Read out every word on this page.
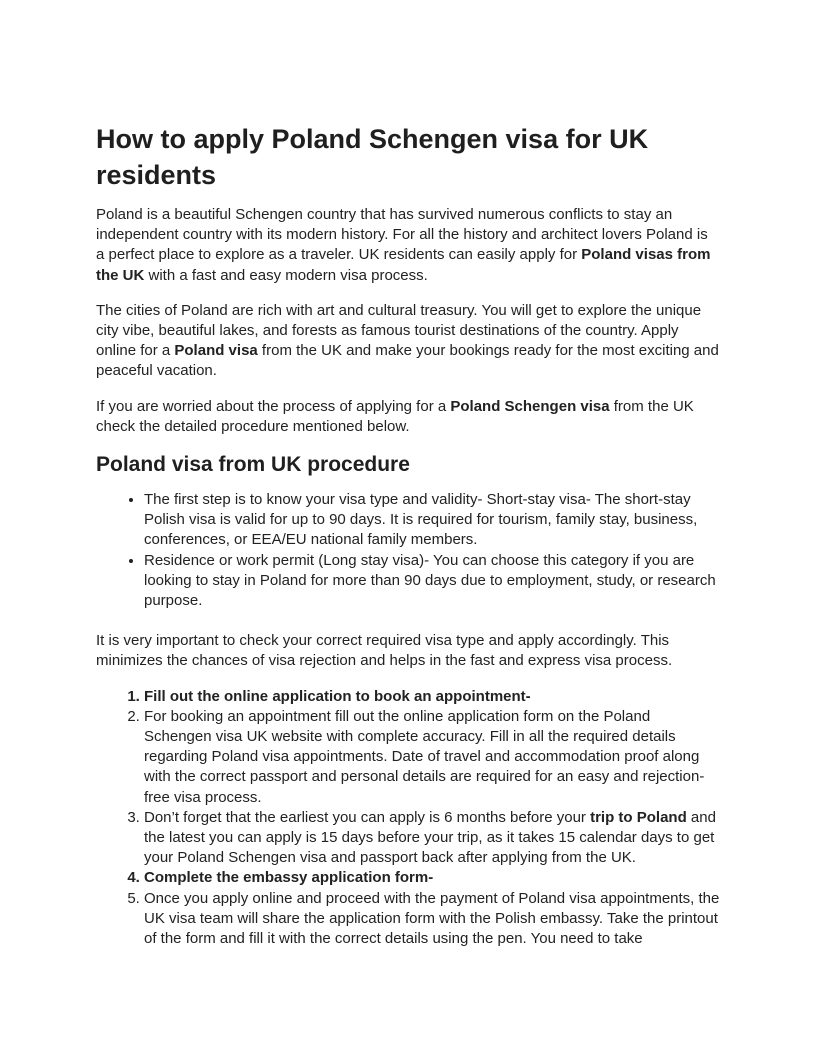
How to apply Poland Schengen visa for UK residents

Poland is a beautiful Schengen country that has survived numerous conflicts to stay an independent country with its modern history. For all the history and architect lovers Poland is a perfect place to explore as a traveler. UK residents can easily apply for Poland visas from the UK with a fast and easy modern visa process.

The cities of Poland are rich with art and cultural treasury. You will get to explore the unique city vibe, beautiful lakes, and forests as famous tourist destinations of the country. Apply online for a Poland visa from the UK and make your bookings ready for the most exciting and peaceful vacation.

If you are worried about the process of applying for a Poland Schengen visa from the UK check the detailed procedure mentioned below.

Poland visa from UK procedure
• The first step is to know your visa type and validity- Short-stay visa- The short-stay Polish visa is valid for up to 90 days. It is required for tourism, family stay, business, conferences, or EEA/EU national family members.
• Residence or work permit (Long stay visa)- You can choose this category if you are looking to stay in Poland for more than 90 days due to employment, study, or research purpose.

It is very important to check your correct required visa type and apply accordingly. This minimizes the chances of visa rejection and helps in the fast and express visa process.

1. Fill out the online application to book an appointment-
2. For booking an appointment fill out the online application form on the Poland Schengen visa UK website with complete accuracy. Fill in all the required details regarding Poland visa appointments. Date of travel and accommodation proof along with the correct passport and personal details are required for an easy and rejection-free visa process.
3. Don’t forget that the earliest you can apply is 6 months before your trip to Poland and the latest you can apply is 15 days before your trip, as it takes 15 calendar days to get your Poland Schengen visa and passport back after applying from the UK.
4. Complete the embassy application form-
5. Once you apply online and proceed with the payment of Poland visa appointments, the UK visa team will share the application form with the Polish embassy. Take the printout of the form and fill it with the correct details using the pen. You need to take
